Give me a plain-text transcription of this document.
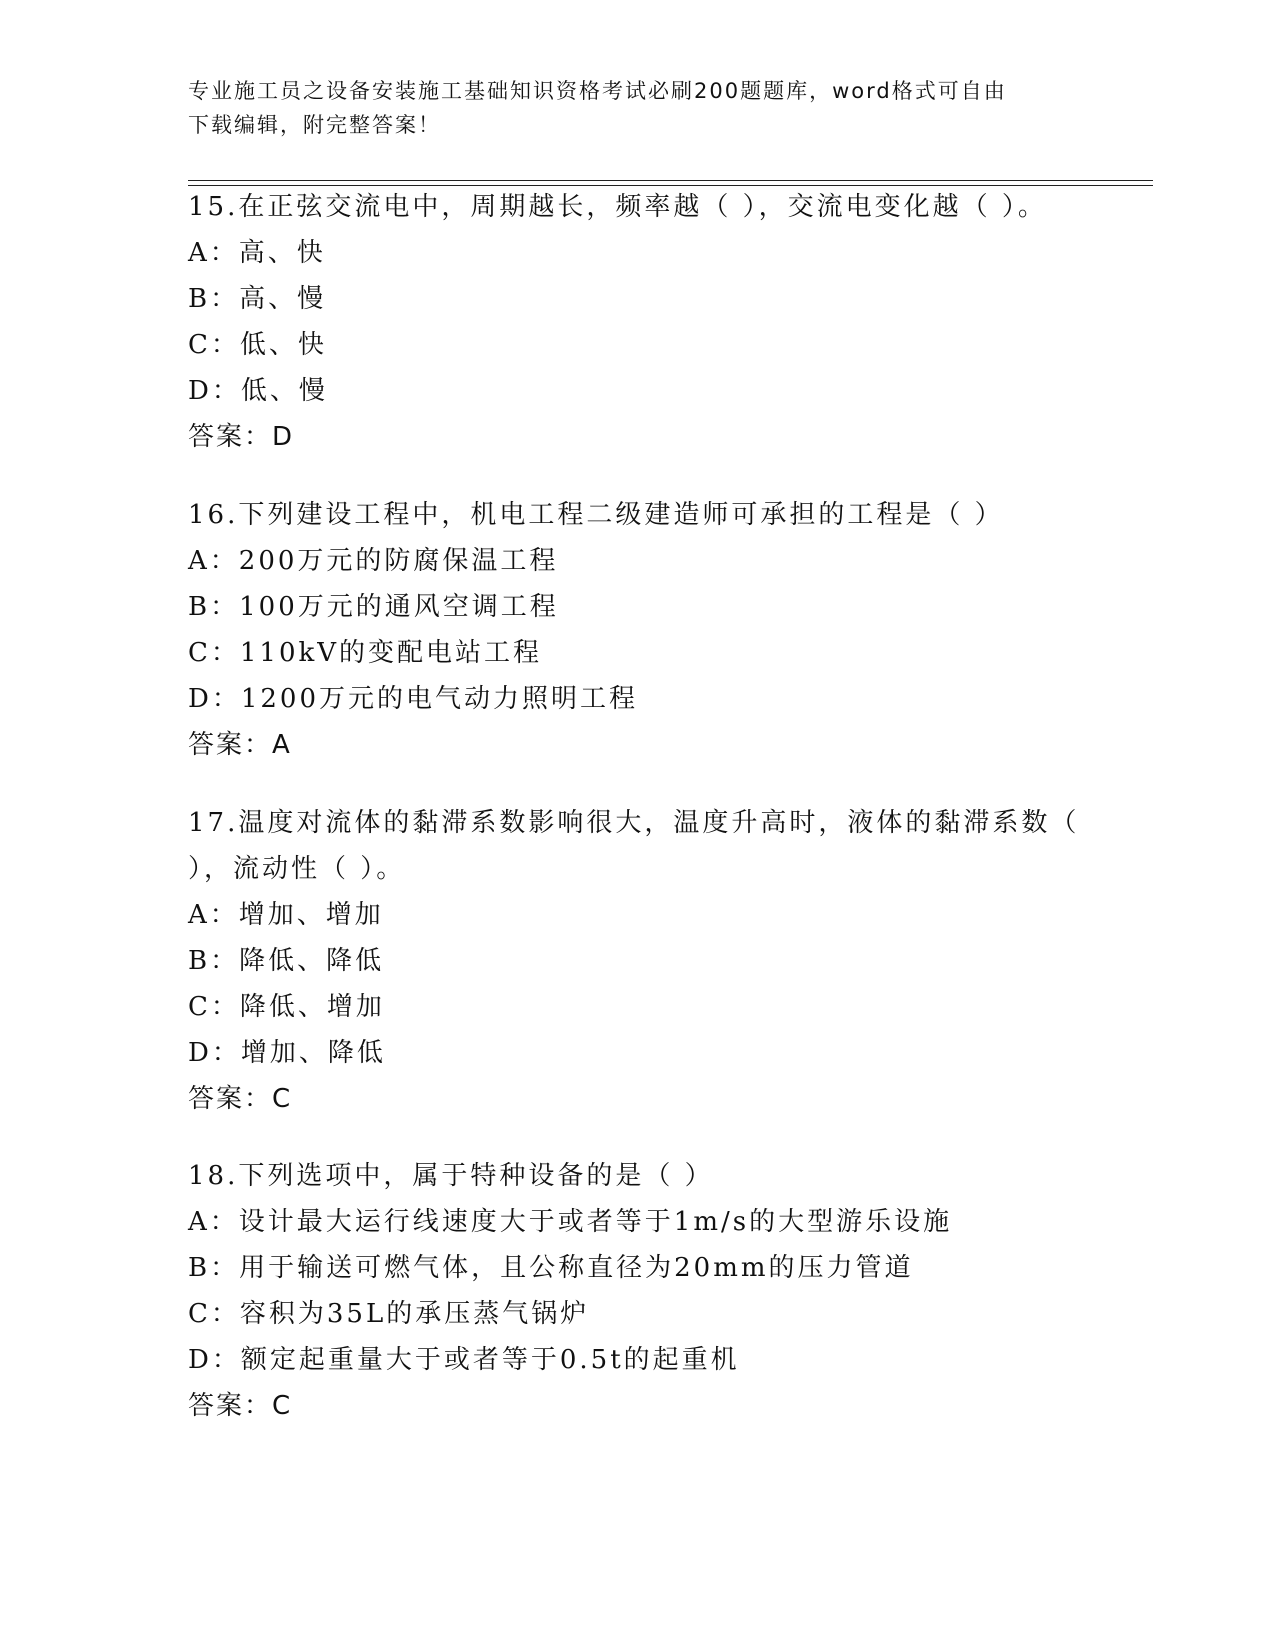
专业施工员之设备安装施工基础知识资格考试必刷200题题库，word格式可自由
下载编辑，附完整答案！
15.在正弦交流电中，周期越长，频率越（ ），交流电变化越（ ）。
A：高、快
B：高、慢
C：低、快
D：低、慢
答案：D
16.下列建设工程中，机电工程二级建造师可承担的工程是（ ）
A：200万元的防腐保温工程
B：100万元的通风空调工程
C：110kV的变配电站工程
D：1200万元的电气动力照明工程
答案：A
17.温度对流体的黏滞系数影响很大，温度升高时，液体的黏滞系数（
），流动性（ ）。
A：增加、增加
B：降低、降低
C：降低、增加
D：增加、降低
答案：C
18.下列选项中，属于特种设备的是（ ）
A：设计最大运行线速度大于或者等于1m/s的大型游乐设施
B：用于输送可燃气体，且公称直径为20mm的压力管道
C：容积为35L的承压蒸气锅炉
D：额定起重量大于或者等于0.5t的起重机
答案：C
